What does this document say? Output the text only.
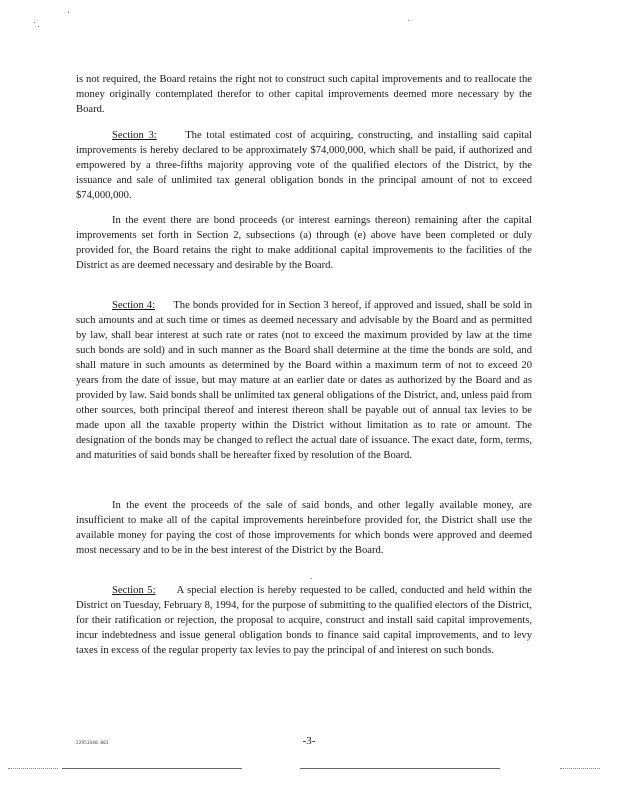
is not required, the Board retains the right not to construct such capital improvements and to reallocate the money originally contemplated therefor to other capital improvements deemed more necessary by the Board.

Section 3:	The total estimated cost of acquiring, constructing, and installing said capital improvements is hereby declared to be approximately $74,000,000, which shall be paid, if authorized and empowered by a three-fifths majority approving vote of the qualified electors of the District, by the issuance and sale of unlimited tax general obligation bonds in the principal amount of not to exceed $74,000,000.

In the event there are bond proceeds (or interest earnings thereon) remaining after the capital improvements set forth in Section 2, subsections (a) through (e) above have been completed or duly provided for, the Board retains the right to make additional capital improvements to the facilities of the District as are deemed necessary and desirable by the Board.

Section 4: The bonds provided for in Section 3 hereof, if approved and issued, shall be sold in such amounts and at such time or times as deemed necessary and advisable by the Board and as permitted by law, shall bear interest at such rate or rates (not to exceed the maximum provided by law at the time such bonds are sold) and in such manner as the Board shall determine at the time the bonds are sold, and shall mature in such amounts as determined by the Board within a maximum term of not to exceed 20 years from the date of issue, but may mature at an earlier date or dates as authorized by the Board and as provided by law. Said bonds shall be unlimited tax general obligations of the District, and, unless paid from other sources, both principal thereof and interest thereon shall be payable out of annual tax levies to be made upon all the taxable property within the District without limitation as to rate or amount. The designation of the bonds may be changed to reflect the actual date of issuance. The exact date, form, terms, and maturities of said bonds shall be hereafter fixed by resolution of the Board.

In the event the proceeds of the sale of said bonds, and other legally available money, are insufficient to make all of the capital improvements hereinbefore provided for, the District shall use the available money for paying the cost of those improvements for which bonds were approved and deemed most necessary and to be in the best interest of the District by the Board.

Section 5: A special election is hereby requested to be called, conducted and held within the District on Tuesday, February 8, 1994, for the purpose of submitting to the qualified electors of the District, for their ratification or rejection, the proposal to acquire, construct and install said capital improvements, incur indebtedness and issue general obligation bonds to finance said capital improvements, and to levy taxes in excess of the regular property tax levies to pay the principal of and interest on such bonds.

22953340.001	-3-
